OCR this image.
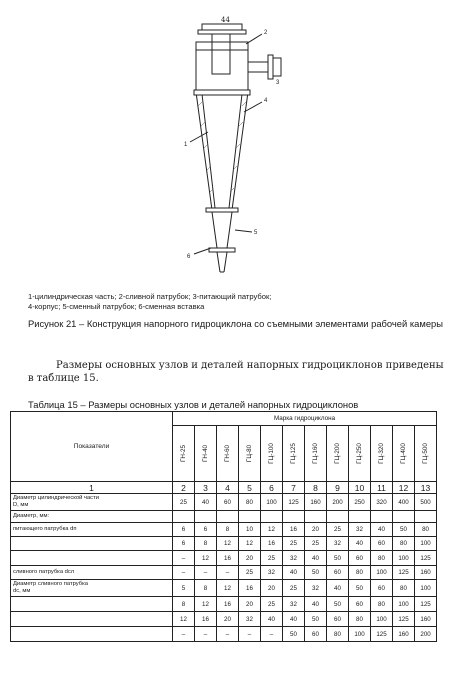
44
2
4
1
5
6
3
1-цилиндрическая часть; 2-сливной патрубок; 3-питающий патрубок;
4-корпус; 5-сменный патрубок; 6-сменная вставка
Рисунок 21 – Конструкция напорного гидроциклона со съемными элементами рабочей камеры
Размеры основных узлов и деталей напорных гидроциклонов приведены в таблице 15.
Таблица 15 – Размеры основных узлов и деталей напорных гидроциклонов
Показатели	Марка гидроциклона											
	ГН-25	ГН-40	ГН-60	ГЦ-80	ГЦ-100	ГЦ-125	ГЦ-160	ГЦ-200	ГЦ-250	ГЦ-320	ГЦ-400	ГЦ-500
1	2	3	4	5	6	7	8	9	10	11	12	13

Диаметр цилиндрической части
D, мм	25	40	60	80	100	125	160	200	250	320	400	500

Диаметр, мм:												

питающего патрубка dп	6	6	8	10	12	16	20	25	32	40	50	80

	6	8	12	12	16	25	25	32	40	60	80	100

	–	12	16	20	25	32	40	50	60	80	100	125

сливного патрубка dсл	–	–	–	25	32	40	50	60	80	100	125	160

Диаметр сливного патрубка
dс, мм	5	8	12	16	20	25	32	40	50	60	80	100

	8	12	16	20	25	32	40	50	60	80	100	125

	12	16	20	32	40	40	50	60	80	100	125	160

	–	–	–	–	–	50	60	80	100	125	160	200
